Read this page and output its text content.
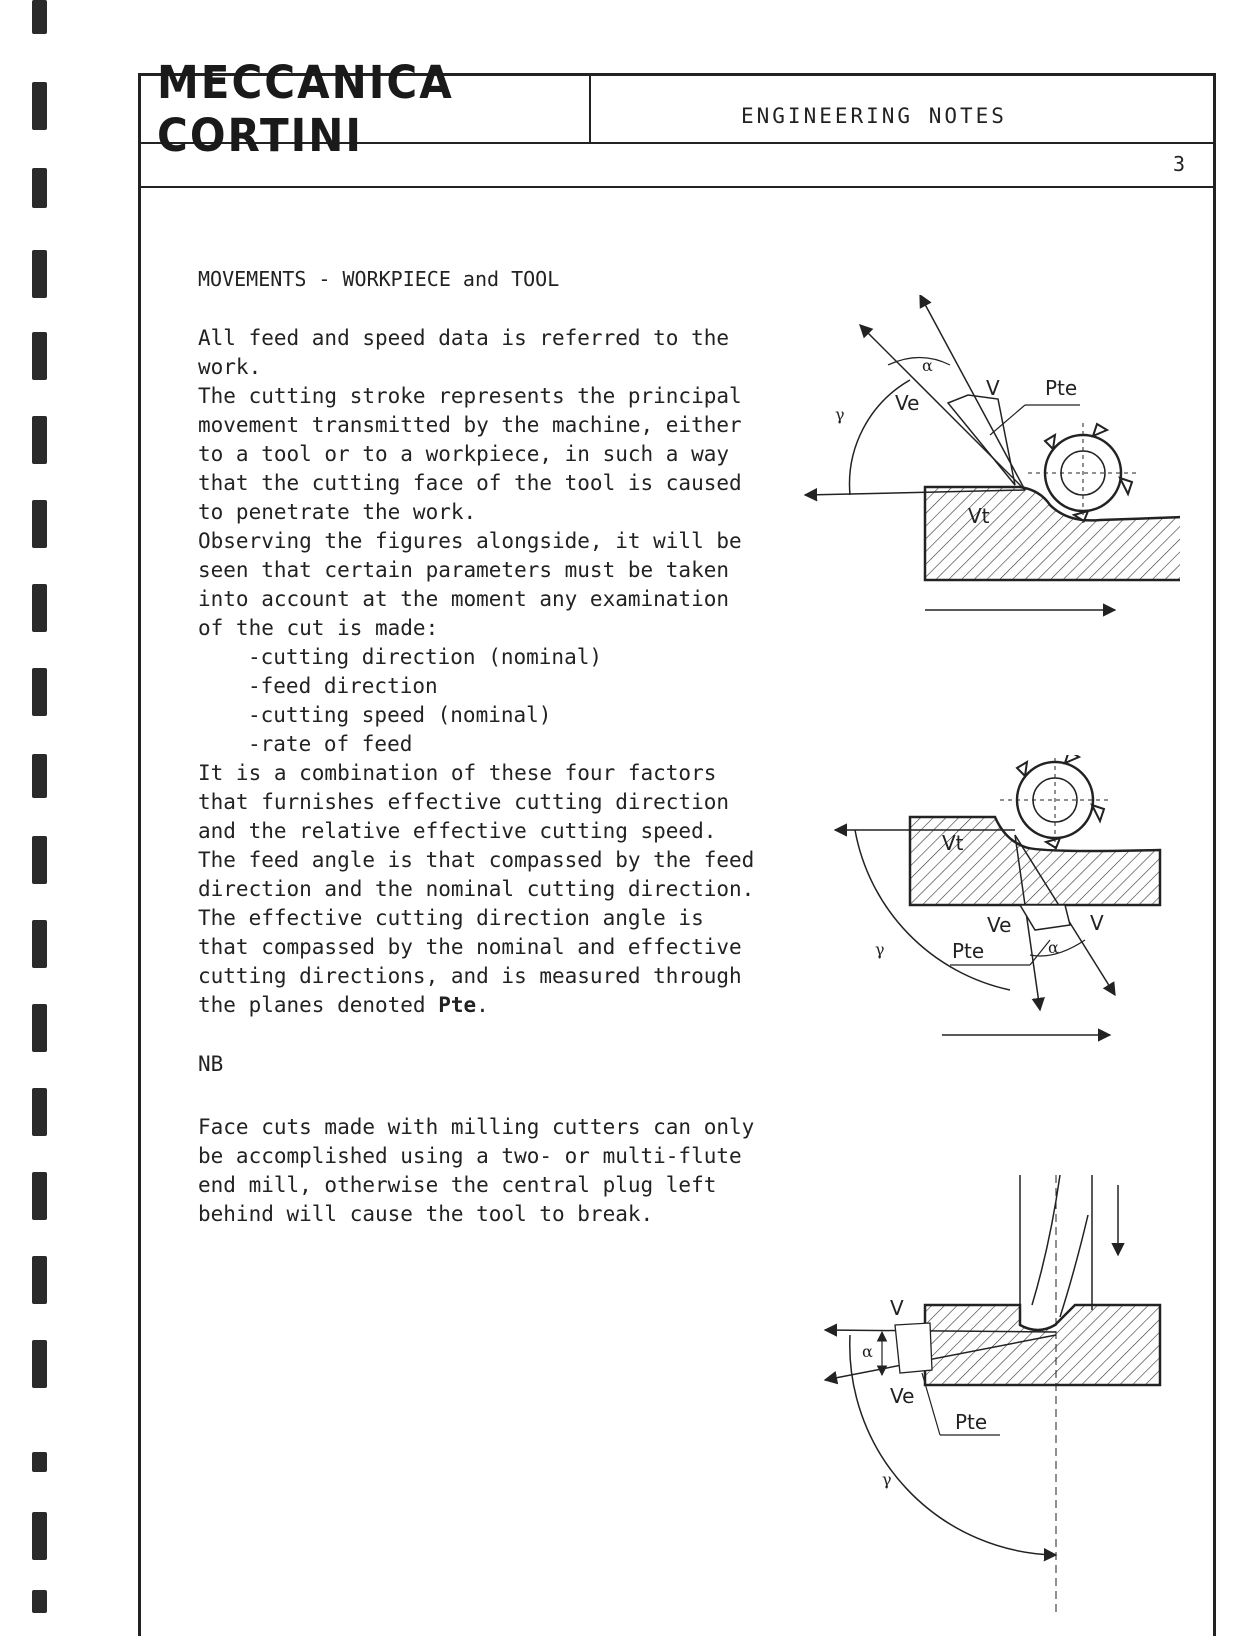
MECCANICA CORTINI	ENGINEERING NOTES
3

MOVEMENTS - WORKPIECE and TOOL

All feed and speed data is referred to the
work.
The cutting stroke represents the principal
movement transmitted by the machine, either
to a tool or to a workpiece, in such a way
that the cutting face of the tool is caused
to penetrate the work.
Observing the figures alongside, it will be
seen that certain parameters must be taken
into account at the moment any examination
of the cut is made:

-cutting direction (nominal)
-feed direction
-cutting speed (nominal)
-rate of feed

It is a combination of these four factors
that furnishes effective cutting direction
and the relative effective cutting speed.
The feed angle is that compassed by the feed
direction and the nominal cutting direction.
The effective cutting direction angle is
that compassed by the nominal and effective
cutting directions, and is measured through
the planes denoted Pte.

NB

Face cuts made with milling cutters can only
be accomplished using a two- or multi-flute
end mill, otherwise the central plug left
behind will cause the tool to break.

α
Ve
V Pte
Vt
γ
Vt
Ve	V
Pte	α
γ
V
α
Ve
Pte
γ
